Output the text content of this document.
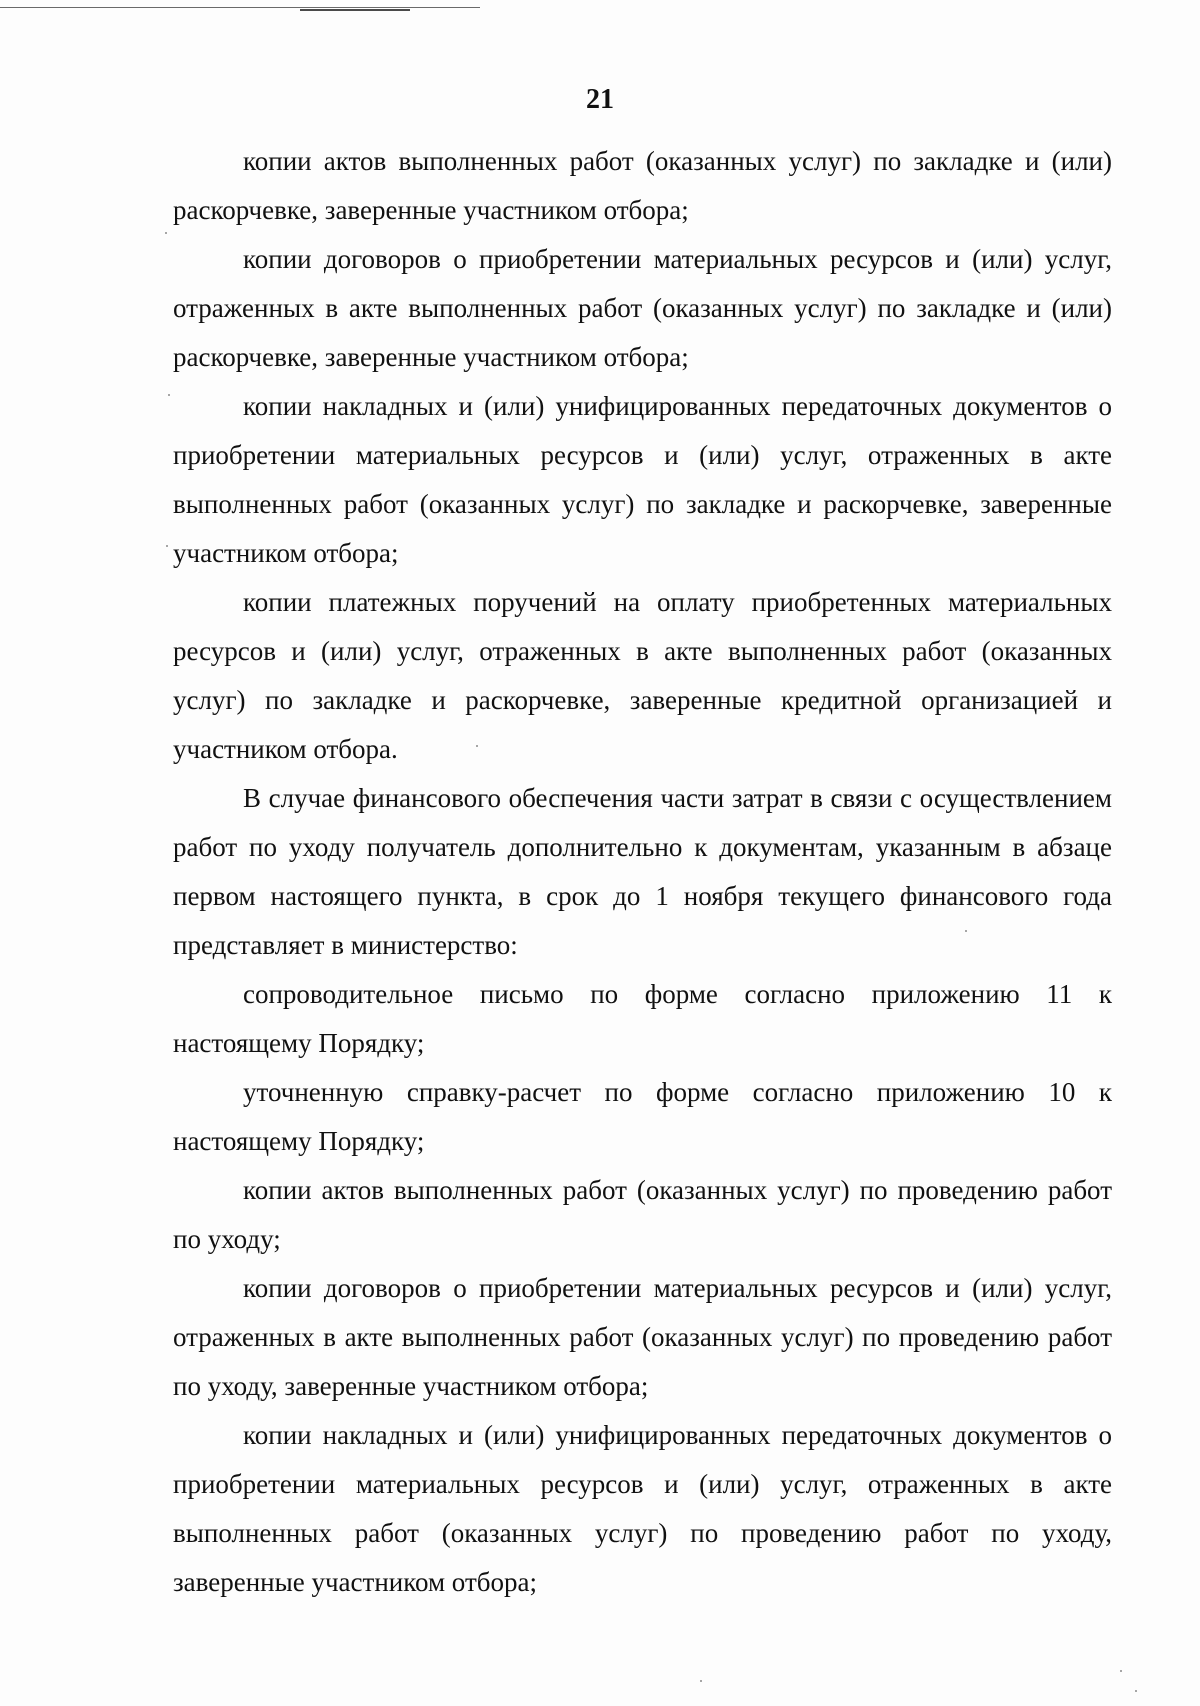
21

копии актов выполненных работ (оказанных услуг) по закладке и (или) раскорчевке, заверенные участником отбора;

копии договоров о приобретении материальных ресурсов и (или) услуг, отраженных в акте выполненных работ (оказанных услуг) по закладке и (или) раскорчевке, заверенные участником отбора;

копии накладных и (или) унифицированных передаточных документов о приобретении материальных ресурсов и (или) услуг, отраженных в акте выполненных работ (оказанных услуг) по закладке и раскорчевке, заверенные участником отбора;

копии платежных поручений на оплату приобретенных материальных ресурсов и (или) услуг, отраженных в акте выполненных работ (оказанных услуг) по закладке и раскорчевке, заверенные кредитной организацией и участником отбора.

В случае финансового обеспечения части затрат в связи с осуществлением работ по уходу получатель дополнительно к документам, указанным в абзаце первом настоящего пункта, в срок до 1 ноября текущего финансового года представляет в министерство:

сопроводительное письмо по форме согласно приложению 11 к настоящему Порядку;

уточненную справку-расчет по форме согласно приложению 10 к настоящему Порядку;

копии актов выполненных работ (оказанных услуг) по проведению работ по уходу;

копии договоров о приобретении материальных ресурсов и (или) услуг, отраженных в акте выполненных работ (оказанных услуг) по проведению работ по уходу, заверенные участником отбора;

копии накладных и (или) унифицированных передаточных документов о приобретении материальных ресурсов и (или) услуг, отраженных в акте выполненных работ (оказанных услуг) по проведению работ по уходу, заверенные участником отбора;
